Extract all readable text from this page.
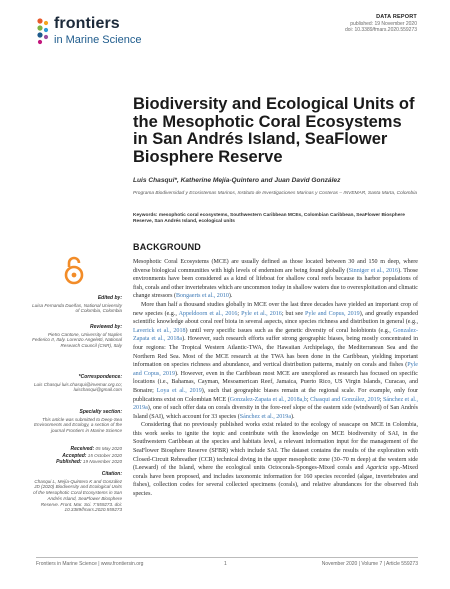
frontiers
in Marine Science
DATA REPORT
published: 19 November 2020
doi: 10.3389/fmars.2020.559273
Biodiversity and Ecological Units of the Mesophotic Coral Ecosystems in San Andrés Island, SeaFlower Biosphere Reserve
Luis Chasqui*, Katherine Mejía-Quintero and Juan David González
Programa Biodiversidad y Ecosistemas Marinos, Instituto de Investigaciones Marinas y Costeras – INVEMAR, Santa Marta, Colombia
Keywords: mesophotic coral ecosystems, Southwestern Caribbean MCEs, Colombian Caribbean, SeaFlower Biosphere Reserve, San Andrés Island, ecological units
BACKGROUND

Mesophotic Coral Ecosystems (MCE) are usually defined as those located between 30 and 150 m deep, where diverse biological communities with high levels of endemism are being found globally (Sinniger et al., 2016). Those environments have been considered as a kind of lifeboat for shallow coral reefs because its harbor populations of fish, corals and other invertebrates which are uncommon today in shallow waters due to overexploitation and climatic change stressors (Bongaerts et al., 2010).

More than half a thousand studies globally in MCE over the last three decades have yielded an important crop of new species (e.g., Appeldoorn et al., 2016; Pyle et al., 2016; but see Pyle and Copus, 2019), and greatly expanded scientific knowledge about coral reef biota in several aspects, since species richness and distribution in general (e.g., Laverick et al., 2018) until very specific issues such as the genetic diversity of coral holobionts (e.g., Gonzalez-Zapata et al., 2018a). However, such research efforts suffer strong geographic biases, being mostly concentrated in four regions: The Tropical Western Atlantic-TWA, the Hawaiian Archipelago, the Mediterranean Sea and the Northern Red Sea. Most of the MCE research at the TWA has been done in the Caribbean, yielding important information on species richness and abundance, and vertical distribution patterns, mainly on corals and fishes (Pyle and Copus, 2019). However, even in the Caribbean most MCE are unexplored as research has focused on specific locations (i.e., Bahamas, Cayman, Mesoamerican Reef, Jamaica, Puerto Rico, US Virgin Islands, Curacao, and Bonaire; Loya et al., 2019), such that geographic biases remain at the regional scale. For example, only four publications exist on Colombian MCE (Gonzalez-Zapata et al., 2018a,b; Chasqui and González, 2019; Sánchez et al., 2019a), one of such offer data on corals diversity in the fore-reef slope of the eastern side (windward) of San Andrés Island (SAI), which account for 33 species (Sánchez et al., 2019a).

Considering that no previously published works exist related to the ecology of seascape on MCE in Colombia, this work seeks to ignite the topic and contribute with the knowledge on MCE biodiversity of SAI, in the Southwestern Caribbean at the species and habitats level, a relevant information input for the management of the SeaFlower Biosphere Reserve (SFBR) which include SAI. The dataset contains the results of the exploration with Closed-Circuit Rebreather (CCR) technical diving in the upper mesophotic zone (30–70 m deep) at the western side (Leeward) of the Island, where the ecological units Octocorals-Sponges-Mixed corals and Agaricia spp.-Mixed corals have been proposed, and includes taxonomic information for 160 species recorded (algae, invertebrates and fishes), collection codes for several collected specimens (corals), and relative abundances for the observed fish species.

Edited by:
Luisa Fernanda Dueñas, National University of Colombia, Colombia
Reviewed by:
Pietro Cantone, University of Naples Federico II, Italy. Lorenzo Angeletti, National Research Council (CNR), Italy
*Correspondence:
Luis Chasqui luis.chasqui@invemar.org.co; luischasqui@gmail.com
Specialty section:
This article was submitted to Deep-Sea Environments and Ecology, a section of the journal Frontiers in Marine Science
Received: 05 May 2020
Accepted: 15 October 2020
Published: 19 November 2020
Citation:
Chasqui L, Mejía-Quintero K and González JD (2020) Biodiversity and Ecological Units of the Mesophotic Coral Ecosystems in San Andrés Island, SeaFlower Biosphere Reserve. Front. Mar. Sci. 7:559273. doi: 10.3389/fmars.2020.559273
Frontiers in Marine Science | www.frontiersin.org	1	November 2020 | Volume 7 | Article 559273
